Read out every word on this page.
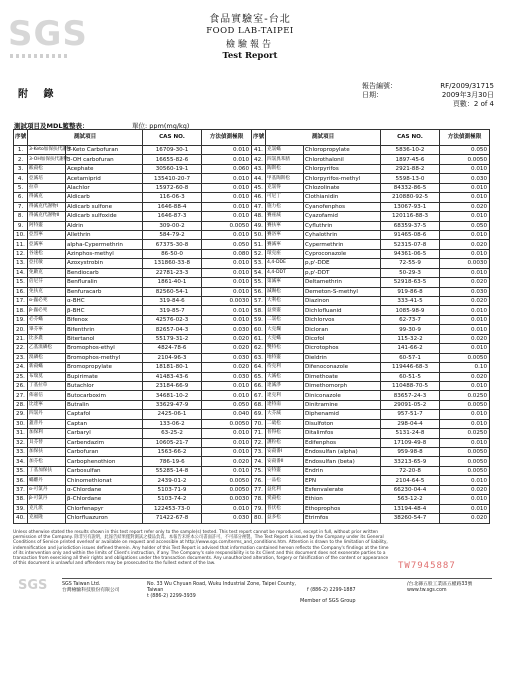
SGS	食品實驗室-台北
FOOD LAB-TAIPEI
檢驗報告
Test Report
附 錄
報告編號：	RF/2009/31715
日期：	2009年3月30日
頁數：2 of 4
測試項目及MDL籃整表：	單位: ppm(mg/kg)
序號	測試項目		CAS NO.	方法偵測極限
1.	3-Keto加保扶代謝物	3-Keto Carbofuran	16709-30-1	0.010
2.	3-OH加保扶代謝物	3-OH carbofuran	16655-82-6	0.010
3.	毆殺松	Acephate	30560-19-1	0.060
4.	亞滅培	Acetamiprid	135410-20-7	0.010
5.	拉草	Alachlor	15972-60-8	0.010
6.	得滅克	Aldicarb	116-06-3	0.010
7.	得滅克代謝物I	Aldicarb sulfone	1646-88-4	0.010
8.	得滅克代謝物II	Aldicarb sulfoxide	1646-87-3	0.010
9.	阿特靈	Aldrin	309-00-2	0.0050
10.	亞烈寧	Allethrin	584-79-2	0.010
11.	亞滅寧	alpha-Cypermethrin	67375-30-8	0.050
12.	谷速松	Azinphos-methyl	86-50-0	0.080
13.	亞托敏	Azoxystrobin	131860-33-8	0.010
14.	免敵克	Bendiocarb	22781-23-3	0.010
15.	倍尼芬	Benfluralin	1861-40-1	0.010
16.	免扶克	Benfuracarb	82560-54-1	0.010
17.	α-蟲必死	α-BHC	319-84-6	0.0030
18.	β-蟲必死	β-BHC	319-85-7	0.010
19.	必芬蟎	Bifenox	42576-02-3	0.010
20.	畢芬寧	Bifenthrin	82657-04-3	0.030
21.	比多農	Bitertanol	55179-31-2	0.020
22.	乙基溴磷松	Bromophos-ethyl	4824-78-6	0.020
23.	溴磷松	Bromophos-methyl	2104-96-3	0.030
24.	新殺蟎	Bromopropylate	18181-80-1	0.020
25.	布瑞莫	Bupirimate	41483-43-6	0.030
26.	丁基拉草	Butachlor	23184-66-9	0.010
27.	佈嘉信	Butocarboxim	34681-10-2	0.010
28.	比達寧	Butralin	33629-47-9	0.050
29.	四氯丹	Captafol	2425-06-1	0.040
30.	蓋普丹	Captan	133-06-2	0.0050
31.	加保利	Carbaryl	63-25-2	0.010
32.	貝芬替	Carbendazim	10605-21-7	0.010
33.	加保扶	Carbofuran	1563-66-2	0.010
34.	加芬松	Carbophenothion	786-19-6	0.020
35.	丁基加保扶	Carbosulfan	55285-14-8	0.010
36.	蟎離丹	Chinomethionat	2439-01-2	0.0050
37.	α-可氯丹	α-Chlordane	5103-71-9	0.0050
38.	β-可氯丹	β-Chlordane	5103-74-2	0.0030
39.	克凡派	Chlorfenapyr	122453-73-0	0.010
40.	克福隆	Chlorfluazuron	71422-67-8	0.030
序號	測試項目		CAS NO.	方法偵測極限
41.	克氯蟎	Chloropropylate	5836-10-2	0.050
42.	四氯異苯腈	Chlorothalonil	1897-45-6	0.0050
43.	陶斯松	Chlorpyrifos	2921-88-2	0.010
44.	甲基陶斯松	Chlorpyrifos-methyl	5598-13-0	0.030
45.	克氯得	Chlozolinate	84332-86-5	0.010
46.	可尼丁	Clothianidin	210880-92-5	0.010
47.	施力松	Cyanofenphos	13067-93-1	0.020
48.	賽座滅	Cyazofamid	120116-88-3	0.010
49.	賽扶寧	Cyfluthrin	68359-37-5	0.050
50.	賽洛寧	Cyhalothrin	91465-08-6	0.010
51.	賽滅寧	Cypermethrin	52315-07-8	0.020
52.	環克座	Cyproconazole	94361-06-5	0.010
53.	4,4-DDE	p,p'-DDE	72-55-9	0.0030
54.	4,4-DDT	p,p'-DDT	50-29-3	0.010
55.	第滅寧	Deltamethrin	52918-63-5	0.020
56.	滅賜松	Demeton-S-methyl	919-86-8	0.030
57.	大利松	Diazinon	333-41-5	0.020
58.	益發靈	Dichlofluanid	1085-98-9	0.010
59.	二氯松	Dichlorvos	62-73-7	0.010
60.	大克爛	Dicloran	99-30-9	0.010
61.	大克蟎	Dicofol	115-32-2	0.020
62.	雙特松	Dicrotophos	141-66-2	0.010
63.	地特靈	Dieldrin	60-57-1	0.0050
64.	待克利	Difenoconazole	119446-68-3	0.10
65.	大滅松	Dimethoate	60-51-5	0.020
66.	達滅淨	Dimethomorph	110488-70-5	0.010
67.	達克利	Diniconazole	83657-24-3	0.0250
68.	達特南	Dinitramine	29091-05-2	0.0050
69.	大芬滅	Diphenamid	957-51-7	0.010
70.	二硫松	Disulfoton	298-04-4	0.010
71.	普得松	Ditalimfos	5131-24-8	0.0250
72.	護粒松	Edifenphos	17109-49-8	0.010
73.	安殺番I	Endosulfan (alpha)	959-98-8	0.0050
74.	安殺番II	Endosulfan (beta)	33213-65-9	0.0050
75.	安特靈	Endrin	72-20-8	0.0050
76.	一品松	EPN	2104-64-5	0.010
77.	益化利	Esfenvalerate	66230-04-4	0.020
78.	愛殺松	Ethion	563-12-2	0.010
79.	普伏松	Ethoprophos	13194-48-4	0.010
80.	益多松	Etrimfos	38260-54-7	0.020
Unless otherwise stated the results shown in this test report refer only to the sample(s) tested. This test report cannot be reproduced, except in full, without prior written permission of the Company. 除非另有說明，此報告結果僅對測試之樣品負責。本報告未經本公司書面許可，不可部分複製。The Test Report is issued by the Company under its General Conditions of Service printed overleaf or available on request and accessible at http://www.sgs.com/terms_and_conditions.htm. Attention is drawn to the limitation of liability, indemnification and jurisdiction issues defined therein. Any holder of this Test Report is advised that information contained hereon reflects the Company's findings at the time of its intervention only and within the limits of Client's instruction, if any. The Company's sole responsibility is to its Client and this document does not exonerate parties to a transaction from exercising all their rights and obligations under the transaction documents. Any unauthorized alteration, forgery or falsification of the content or appearance of this document is unlawful and offenders may be prosecuted to the fullest extent of the law.	TW7945887
SGS	SGS Taiwan Ltd.
台灣檢驗科技股份有限公司
No. 33 Wu Chyuan Road, Wuku Industrial Zone, Taipei County, Taiwan
t (886-2) 2299-3939
f (886-2) 2299-1887
/台北縣五股工業區五權路33號
www.tw.sgs.com
Member of SGS Group
